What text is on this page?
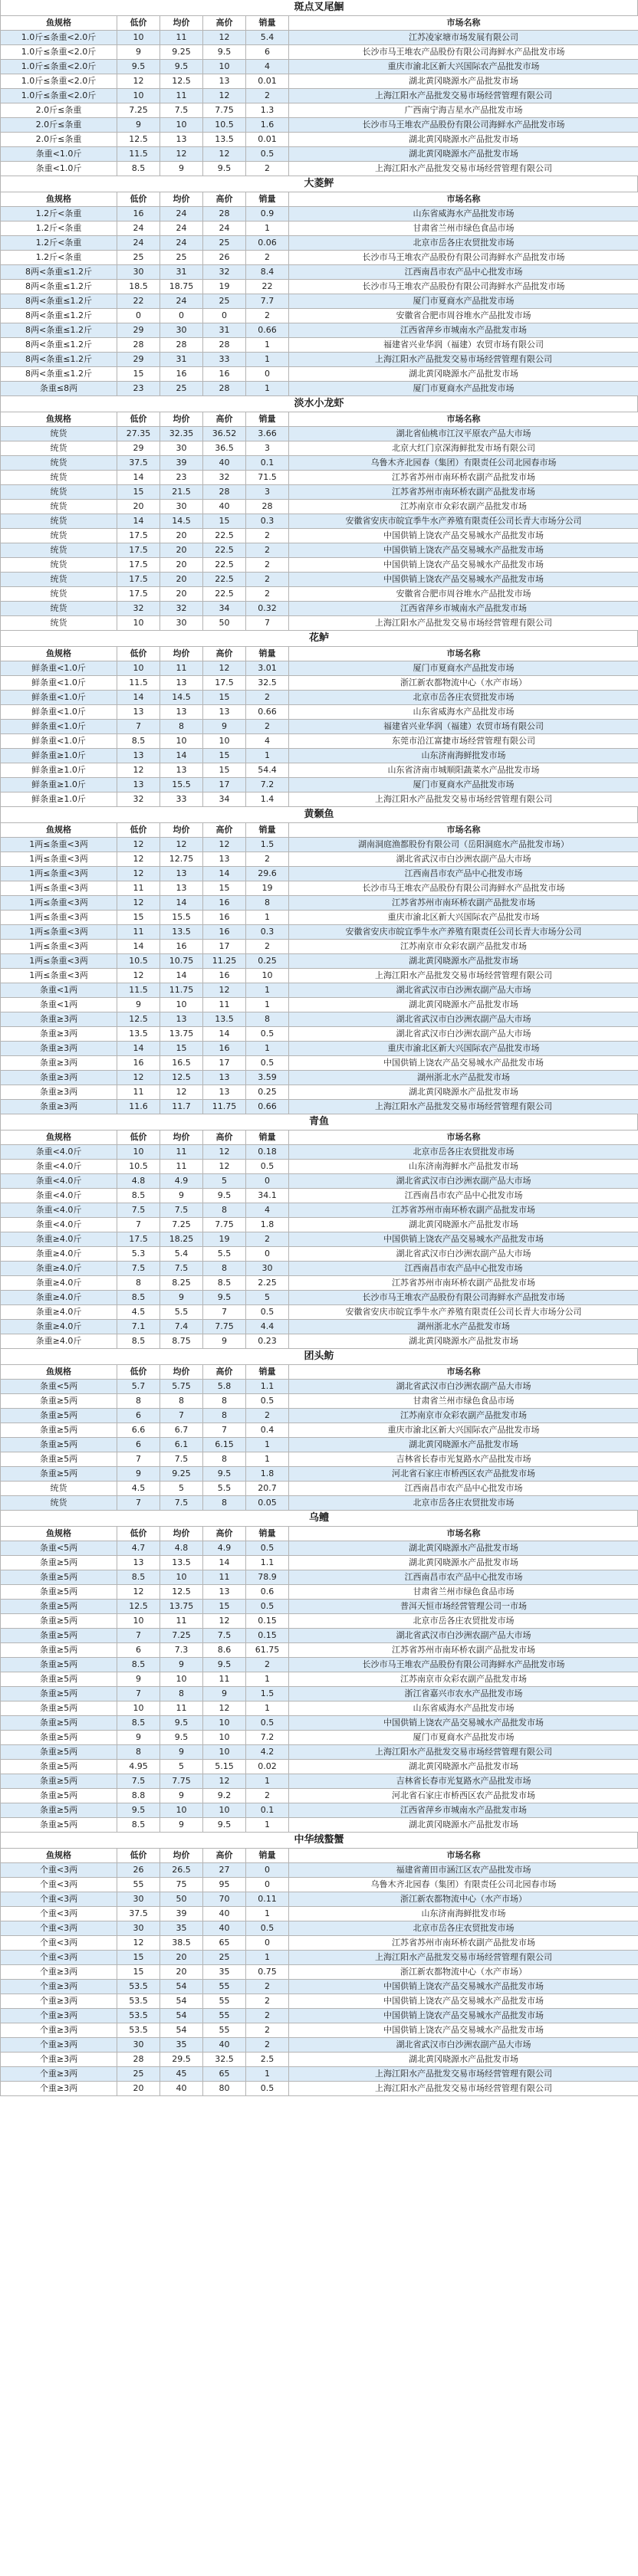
斑点叉尾鮰
鱼规格	低价	均价	高价	销量	市场名称
1.0斤≤条重<2.0斤	10	11	12	5.4	江苏凌家塘市场发展有限公司
1.0斤≤条重<2.0斤	9	9.25	9.5	6	长沙市马王堆农产品股份有限公司海鲜水产品批发市场
1.0斤≤条重<2.0斤	9.5	9.5	10	4	重庆市渝北区新大兴国际农产品批发市场
1.0斤≤条重<2.0斤	12	12.5	13	0.01	湖北黄冈晓源水产品批发市场
1.0斤≤条重<2.0斤	10	11	12	2	上海江阳水产品批发交易市场经营管理有限公司
2.0斤≤条重	7.25	7.5	7.75	1.3	广西南宁海吉星水产品批发市场
2.0斤≤条重	9	10	10.5	1.6	长沙市马王堆农产品股份有限公司海鲜水产品批发市场
2.0斤≤条重	12.5	13	13.5	0.01	湖北黄冈晓源水产品批发市场
条重<1.0斤	11.5	12	12	0.5	湖北黄冈晓源水产品批发市场
条重<1.0斤	8.5	9	9.5	2	上海江阳水产品批发交易市场经营管理有限公司
大菱鲆
鱼规格	低价	均价	高价	销量	市场名称
1.2斤<条重	16	24	28	0.9	山东省威海水产品批发市场
1.2斤<条重	24	24	24	1	甘肃省兰州市绿色食品市场
1.2斤<条重	24	24	25	0.06	北京市岳各庄农贸批发市场
1.2斤<条重	25	25	26	2	长沙市马王堆农产品股份有限公司海鲜水产品批发市场
8两<条重≤1.2斤	30	31	32	8.4	江西南昌市农产品中心批发市场
8两<条重≤1.2斤	18.5	18.75	19	22	长沙市马王堆农产品股份有限公司海鲜水产品批发市场
8两<条重≤1.2斤	22	24	25	7.7	厦门市夏商水产品批发市场
8两<条重≤1.2斤	0	0	0	2	安徽省合肥市周谷堆水产品批发市场
8两<条重≤1.2斤	29	30	31	0.66	江西省萍乡市城南水产品批发市场
8两<条重≤1.2斤	28	28	28	1	福建省兴业华润（福建）农贸市场有限公司
8两<条重≤1.2斤	29	31	33	1	上海江阳水产品批发交易市场经营管理有限公司
8两<条重≤1.2斤	15	16	16	0	湖北黄冈晓源水产品批发市场
条重≤8两	23	25	28	1	厦门市夏商水产品批发市场
淡水小龙虾
鱼规格	低价	均价	高价	销量	市场名称
统货	27.35	32.35	36.52	3.66	湖北省仙桃市江汉平原农产品大市场
统货	29	30	36.5	3	北京大红门京深海鲜批发市场有限公司
统货	37.5	39	40	0.1	乌鲁木齐北园春（集团）有限责任公司北园春市场
统货	14	23	32	71.5	江苏省苏州市南环桥农副产品批发市场
统货	15	21.5	28	3	江苏省苏州市南环桥农副产品批发市场
统货	20	30	40	28	江苏南京市众彩农副产品批发市场
统货	14	14.5	15	0.3	安徽省安庆市皖宜季牛水产养殖有限责任公司长青大市场分公司
统货	17.5	20	22.5	2	中国供销上饶农产品交易城水产品批发市场
统货	17.5	20	22.5	2	中国供销上饶农产品交易城水产品批发市场
统货	17.5	20	22.5	2	中国供销上饶农产品交易城水产品批发市场
统货	17.5	20	22.5	2	中国供销上饶农产品交易城水产品批发市场
统货	17.5	20	22.5	2	安徽省合肥市周谷堆水产品批发市场
统货	32	32	34	0.32	江西省萍乡市城南水产品批发市场
统货	10	30	50	7	上海江阳水产品批发交易市场经营管理有限公司
花鲈
鱼规格	低价	均价	高价	销量	市场名称
鲜条重<1.0斤	10	11	12	3.01	厦门市夏商水产品批发市场
鲜条重<1.0斤	11.5	13	17.5	32.5	浙江新农都物流中心（水产市场）
鲜条重<1.0斤	14	14.5	15	2	北京市岳各庄农贸批发市场
鲜条重<1.0斤	13	13	13	0.66	山东省威海水产品批发市场
鲜条重<1.0斤	7	8	9	2	福建省兴业华润（福建）农贸市场有限公司
鲜条重<1.0斤	8.5	10	10	4	东莞市沿江富捷市场经营管理有限公司
鲜条重≥1.0斤	13	14	15	1	山东济南海鲜批发市场
鲜条重≥1.0斤	12	13	15	54.4	山东省济南市城顺阳蔬菜水产品批发市场
鲜条重≥1.0斤	13	15.5	17	7.2	厦门市夏商水产品批发市场
鲜条重≥1.0斤	32	33	34	1.4	上海江阳水产品批发交易市场经营管理有限公司
黄颡鱼
鱼规格	低价	均价	高价	销量	市场名称
1两≤条重<3两	12	12	12	1.5	湖南洞庭渔都股份有限公司（岳阳洞庭水产品批发市场）
1两≤条重<3两	12	12.75	13	2	湖北省武汉市白沙洲农副产品大市场
1两≤条重<3两	12	13	14	29.6	江西南昌市农产品中心批发市场
1两≤条重<3两	11	13	15	19	长沙市马王堆农产品股份有限公司海鲜水产品批发市场
1两≤条重<3两	12	14	16	8	江苏省苏州市南环桥农副产品批发市场
1两≤条重<3两	15	15.5	16	1	重庆市渝北区新大兴国际农产品批发市场
1两≤条重<3两	11	13.5	16	0.3	安徽省安庆市皖宜季牛水产养殖有限责任公司长青大市场分公司
1两≤条重<3两	14	16	17	2	江苏南京市众彩农副产品批发市场
1两≤条重<3两	10.5	10.75	11.25	0.25	湖北黄冈晓源水产品批发市场
1两≤条重<3两	12	14	16	10	上海江阳水产品批发交易市场经营管理有限公司
条重<1两	11.5	11.75	12	1	湖北省武汉市白沙洲农副产品大市场
条重<1两	9	10	11	1	湖北黄冈晓源水产品批发市场
条重≥3两	12.5	13	13.5	8	湖北省武汉市白沙洲农副产品大市场
条重≥3两	13.5	13.75	14	0.5	湖北省武汉市白沙洲农副产品大市场
条重≥3两	14	15	16	1	重庆市渝北区新大兴国际农产品批发市场
条重≥3两	16	16.5	17	0.5	中国供销上饶农产品交易城水产品批发市场
条重≥3两	12	12.5	13	3.59	湖州浙北水产品批发市场
条重≥3两	11	12	13	0.25	湖北黄冈晓源水产品批发市场
条重≥3两	11.6	11.7	11.75	0.66	上海江阳水产品批发交易市场经营管理有限公司
青鱼
鱼规格	低价	均价	高价	销量	市场名称
条重<4.0斤	10	11	12	0.18	北京市岳各庄农贸批发市场
条重<4.0斤	10.5	11	12	0.5	山东济南海鲜水产品批发市场
条重<4.0斤	4.8	4.9	5	0	湖北省武汉市白沙洲农副产品大市场
条重<4.0斤	8.5	9	9.5	34.1	江西南昌市农产品中心批发市场
条重<4.0斤	7.5	7.5	8	4	江苏省苏州市南环桥农副产品批发市场
条重<4.0斤	7	7.25	7.75	1.8	湖北黄冈晓源水产品批发市场
条重≥4.0斤	17.5	18.25	19	2	中国供销上饶农产品交易城水产品批发市场
条重≥4.0斤	5.3	5.4	5.5	0	湖北省武汉市白沙洲农副产品大市场
条重≥4.0斤	7.5	7.5	8	30	江西南昌市农产品中心批发市场
条重≥4.0斤	8	8.25	8.5	2.25	江苏省苏州市南环桥农副产品批发市场
条重≥4.0斤	8.5	9	9.5	5	长沙市马王堆农产品股份有限公司海鲜水产品批发市场
条重≥4.0斤	4.5	5.5	7	0.5	安徽省安庆市皖宜季牛水产养殖有限责任公司长青大市场分公司
条重≥4.0斤	7.1	7.4	7.75	4.4	湖州浙北水产品批发市场
条重≥4.0斤	8.5	8.75	9	0.23	湖北黄冈晓源水产品批发市场
团头鲂
鱼规格	低价	均价	高价	销量	市场名称
条重<5两	5.7	5.75	5.8	1.1	湖北省武汉市白沙洲农副产品大市场
条重≥5两	8	8	8	0.5	甘肃省兰州市绿色食品市场
条重≥5两	6	7	8	2	江苏南京市众彩农副产品批发市场
条重≥5两	6.6	6.7	7	0.4	重庆市渝北区新大兴国际农产品批发市场
条重≥5两	6	6.1	6.15	1	湖北黄冈晓源水产品批发市场
条重≥5两	7	7.5	8	1	吉林省长春市光复路水产品批发市场
条重≥5两	9	9.25	9.5	1.8	河北省石家庄市桥西区农产品批发市场
统货	4.5	5	5.5	20.7	江西南昌市农产品中心批发市场
统货	7	7.5	8	0.05	北京市岳各庄农贸批发市场
乌鳢
鱼规格	低价	均价	高价	销量	市场名称
条重<5两	4.7	4.8	4.9	0.5	湖北黄冈晓源水产品批发市场
条重≥5两	13	13.5	14	1.1	湖北黄冈晓源水产品批发市场
条重≥5两	8.5	10	11	78.9	江西南昌市农产品中心批发市场
条重≥5两	12	12.5	13	0.6	甘肃省兰州市绿色食品市场
条重≥5两	12.5	13.75	15	0.5	普洱天恒市场经营管理公司一市场
条重≥5两	10	11	12	0.15	北京市岳各庄农贸批发市场
条重≥5两	7	7.25	7.5	0.15	湖北省武汉市白沙洲农副产品大市场
条重≥5两	6	7.3	8.6	61.75	江苏省苏州市南环桥农副产品批发市场
条重≥5两	8.5	9	9.5	2	长沙市马王堆农产品股份有限公司海鲜水产品批发市场
条重≥5两	9	10	11	1	江苏南京市众彩农副产品批发市场
条重≥5两	7	8	9	1.5	浙江省嘉兴市农水产品批发市场
条重≥5两	10	11	12	1	山东省威海水产品批发市场
条重≥5两	8.5	9.5	10	0.5	中国供销上饶农产品交易城水产品批发市场
条重≥5两	9	9.5	10	7.2	厦门市夏商水产品批发市场
条重≥5两	8	9	10	4.2	上海江阳水产品批发交易市场经营管理有限公司
条重≥5两	4.95	5	5.15	0.02	湖北黄冈晓源水产品批发市场
条重≥5两	7.5	7.75	12	1	吉林省长春市光复路水产品批发市场
条重≥5两	8.8	9	9.2	2	河北省石家庄市桥西区农产品批发市场
条重≥5两	9.5	10	10	0.1	江西省萍乡市城南水产品批发市场
条重≥5两	8.5	9	9.5	1	湖北黄冈晓源水产品批发市场
中华绒螯蟹
鱼规格	低价	均价	高价	销量	市场名称
个重<3两	26	26.5	27	0	福建省莆田市涵江区农产品批发市场
个重<3两	55	75	95	0	乌鲁木齐北园春（集团）有限责任公司北园春市场
个重<3两	30	50	70	0.11	浙江新农都物流中心（水产市场）
个重<3两	37.5	39	40	1	山东济南海鲜批发市场
个重<3两	30	35	40	0.5	北京市岳各庄农贸批发市场
个重<3两	12	38.5	65	0	江苏省苏州市南环桥农副产品批发市场
个重<3两	15	20	25	1	上海江阳水产品批发交易市场经营管理有限公司
个重≥3两	15	20	35	0.75	浙江新农都物流中心（水产市场）
个重≥3两	53.5	54	55	2	中国供销上饶农产品交易城水产品批发市场
个重≥3两	53.5	54	55	2	中国供销上饶农产品交易城水产品批发市场
个重≥3两	53.5	54	55	2	中国供销上饶农产品交易城水产品批发市场
个重≥3两	53.5	54	55	2	中国供销上饶农产品交易城水产品批发市场
个重≥3两	30	35	40	2	湖北省武汉市白沙洲农副产品大市场
个重≥3两	28	29.5	32.5	2.5	湖北黄冈晓源水产品批发市场
个重≥3两	25	45	65	1	上海江阳水产品批发交易市场经营管理有限公司
个重≥3两	20	40	80	0.5	上海江阳水产品批发交易市场经营管理有限公司
